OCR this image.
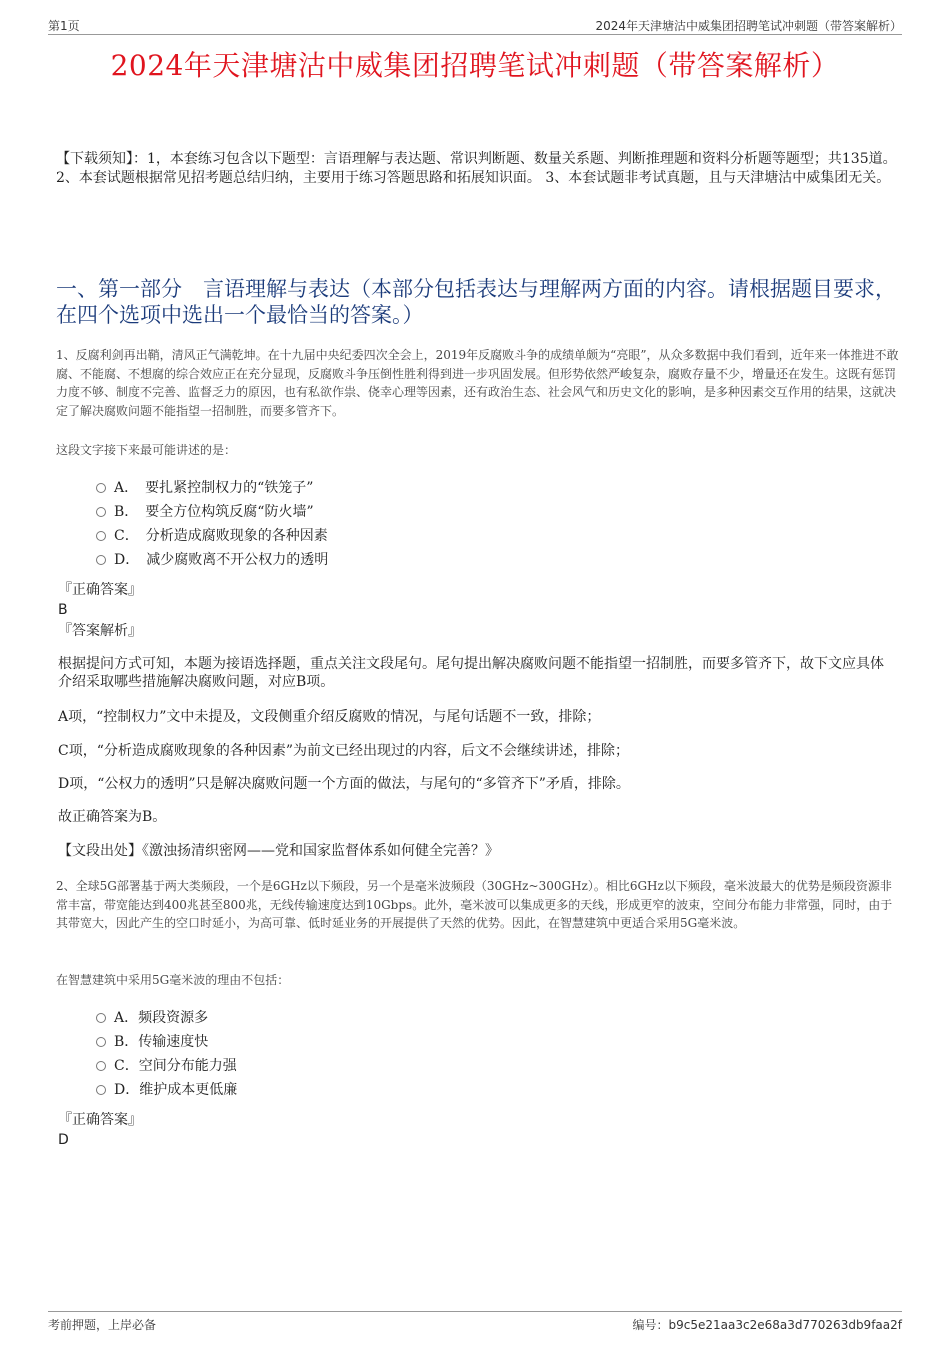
第1页	2024年天津塘沽中威集团招聘笔试冲刺题（带答案解析）
2024年天津塘沽中威集团招聘笔试冲刺题（带答案解析）
【下载须知】：1，本套练习包含以下题型：言语理解与表达题、常识判断题、数量关系题、判断推理题和资料分析题等题型；共135道。 2、本套试题根据常见招考题总结归纳，主要用于练习答题思路和拓展知识面。 3、本套试题非考试真题，且与天津塘沽中威集团无关。
一、第一部分　言语理解与表达（本部分包括表达与理解两方面的内容。请根据题目要求，在四个选项中选出一个最恰当的答案。）
1、反腐利剑再出鞘，清风正气满乾坤。在十九届中央纪委四次全会上，2019年反腐败斗争的成绩单颇为“亮眼”，从众多数据中我们看到，近年来一体推进不敢腐、不能腐、不想腐的综合效应正在充分显现，反腐败斗争压倒性胜利得到进一步巩固发展。但形势依然严峻复杂，腐败存量不少，增量还在发生。这既有惩罚力度不够、制度不完善、监督乏力的原因，也有私欲作祟、侥幸心理等因素，还有政治生态、社会风气和历史文化的影响，是多种因素交互作用的结果，这就决定了解决腐败问题不能指望一招制胜，而要多管齐下。
这段文字接下来最可能讲述的是：
A．　要扎紧控制权力的“铁笼子”
B．　要全方位构筑反腐“防火墙”
C．　分析造成腐败现象的各种因素
D．　减少腐败离不开公权力的透明
『正确答案』
B
『答案解析』
根据提问方式可知，本题为接语选择题，重点关注文段尾句。尾句提出解决腐败问题不能指望一招制胜，而要多管齐下，故下文应具体介绍采取哪些措施解决腐败问题，对应B项。
A项，“控制权力”文中未提及，文段侧重介绍反腐败的情况，与尾句话题不一致，排除；
C项，“分析造成腐败现象的各种因素”为前文已经出现过的内容，后文不会继续讲述，排除；
D项，“公权力的透明”只是解决腐败问题一个方面的做法，与尾句的“多管齐下”矛盾，排除。
故正确答案为B。
【文段出处】《激浊扬清织密网——党和国家监督体系如何健全完善？》
2、全球5G部署基于两大类频段，一个是6GHz以下频段，另一个是毫米波频段（30GHz~300GHz）。相比6GHz以下频段，毫米波最大的优势是频段资源非常丰富，带宽能达到400兆甚至800兆，无线传输速度达到10Gbps。此外，毫米波可以集成更多的天线，形成更窄的波束，空间分布能力非常强，同时，由于其带宽大，因此产生的空口时延小，为高可靠、低时延业务的开展提供了天然的优势。因此，在智慧建筑中更适合采用5G毫米波。
在智慧建筑中采用5G毫米波的理由不包括：
A．频段资源多
B．传输速度快
C．空间分布能力强
D．维护成本更低廉
『正确答案』
D
考前押题，上岸必备	编号：b9c5e21aa3c2e68a3d770263db9faa2f
